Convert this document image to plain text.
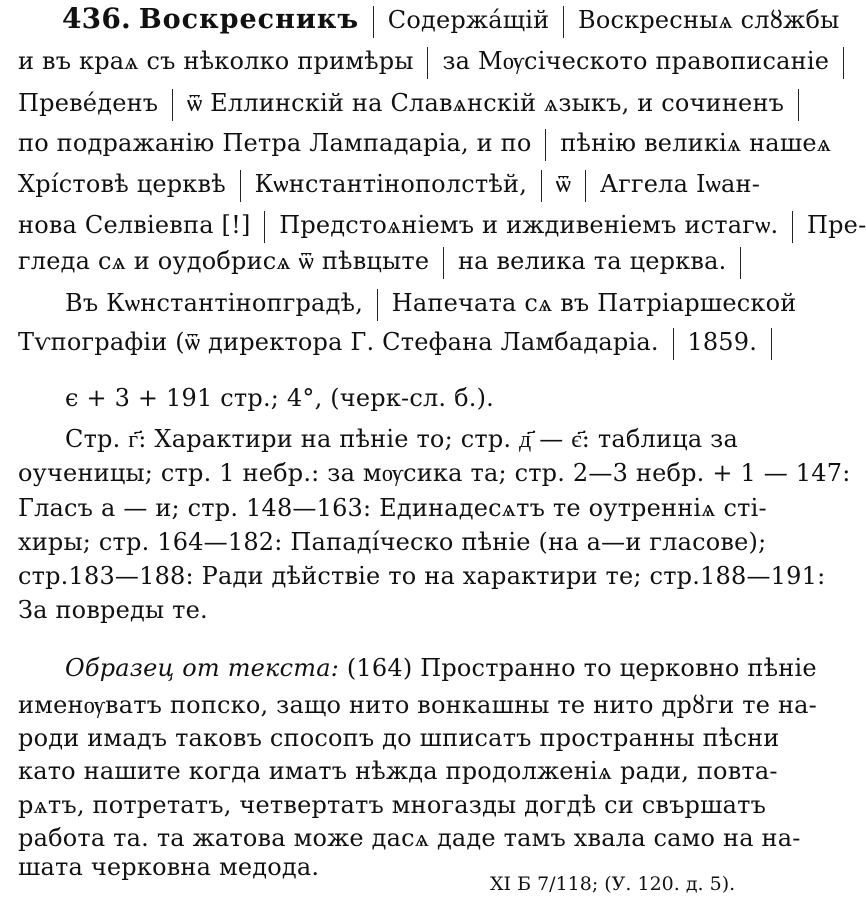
436. Воскресникъ Содержа́щій Воскресныѧ слȣжбы
и въ краѧ съ нѣколко примѣры за Мѹсіческото правописаніе
Преве́денъ ѿ Еллинскій на Славѧнскій ѧзыкъ, и сочиненъ
по подражанію Петра Лампадаріа, и по пѣнію великіѧ нашеѧ
Хрі́стовѣ церквѣ Кѡнстантінополстѣй, ѿ Аггела Іѡан-
нова Селвіевпа [!] Предстоѧніемъ и иждивеніемъ истагѡ. Пре-
гледа сѧ и оудобрисѧ ѿ пѣвцыте на велика та церква.
Въ Кѡнстантінопградѣ, Напечата сѧ въ Патріаршеской
Тѵпографіи (ѿ директора Г. Стефана Ламбадаріа. 1859.
є + 3 + 191 стр.; 4°, (черк-сл. б.).
Стр. г҃: Характири на пѣніе то; стр. д҃ — є҃: таблица за
оученицы; стр. 1 небр.: за мѹсика та; стр. 2—3 небр. + 1 — 147:
Гласъ а — и; стр. 148—163: Единадесѧтъ те оутренніѧ сті-
хиры; стр. 164—182: Пападі́ческо пѣніе (на а—и гласове);
стр.183—188: Ради дѣйствіе то на характири те; стр.188—191:
За повреды те.
Образец от текста: (164) Пространно то церковно пѣніе
именѹватъ попско, защо нито вонкашны те нито дрȣги те на-
роди имадъ таковъ спосопъ до шписатъ пространны пѣсни
като нашите когда иматъ нѣжда продолженіѧ ради, повта-
рѧтъ, потретатъ, четвертатъ многазды догдѣ си свършатъ
работа та. та жатова може дасѧ даде тамъ хвала само на на-
шата черковна медода.
XI Б 7/118; (У. 120. д. 5).
